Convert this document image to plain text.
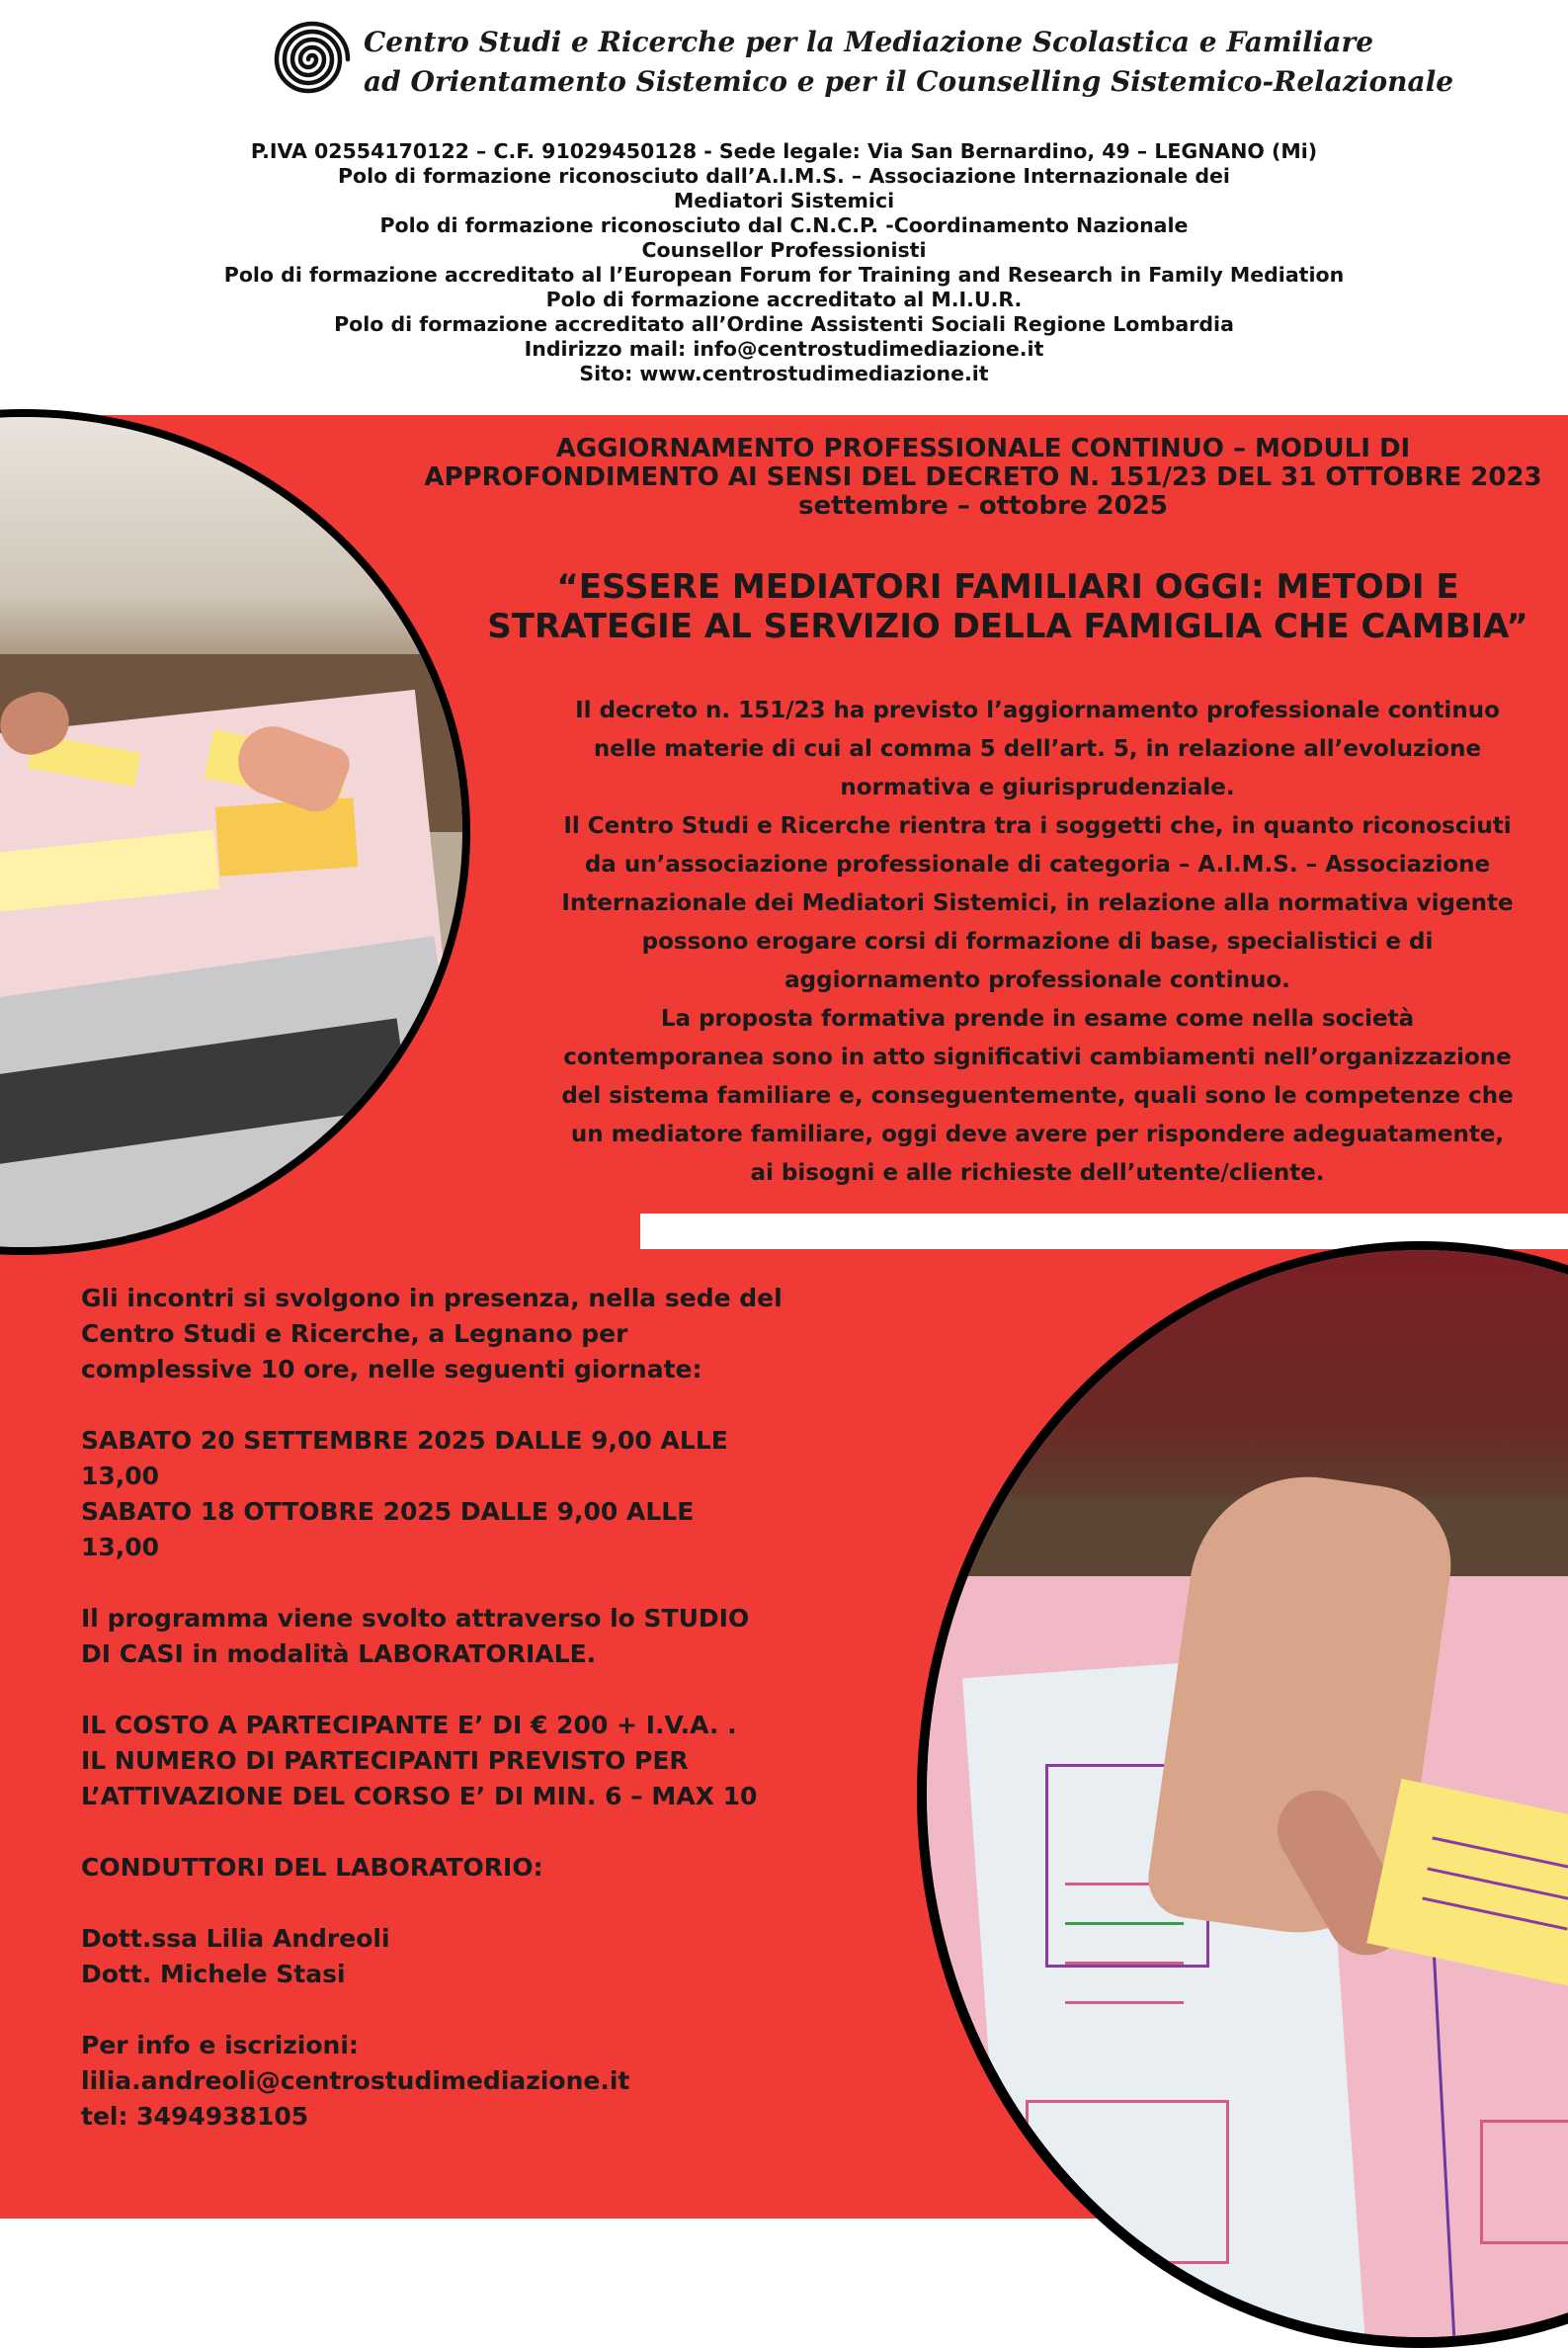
Centro Studi e Ricerche per la Mediazione Scolastica e Familiare
ad Orientamento Sistemico e per il Counselling Sistemico-Relazionale
P.IVA 02554170122 – C.F. 91029450128 - Sede legale: Via San Bernardino, 49 – LEGNANO (Mi)
Polo di formazione riconosciuto dall’A.I.M.S. – Associazione Internazionale dei
Mediatori Sistemici
Polo di formazione riconosciuto dal C.N.C.P. -Coordinamento Nazionale
Counsellor Professionisti
Polo di formazione accreditato al l’European Forum for Training and Research in Family Mediation
Polo di formazione accreditato al M.I.U.R.
Polo di formazione accreditato all’Ordine Assistenti Sociali Regione Lombardia
Indirizzo mail: info@centrostudimediazione.it
Sito: www.centrostudimediazione.it
AGGIORNAMENTO PROFESSIONALE CONTINUO – MODULI DI
APPROFONDIMENTO AI SENSI DEL DECRETO N. 151/23 DEL 31 OTTOBRE 2023
settembre – ottobre 2025
“ESSERE MEDIATORI FAMILIARI OGGI: METODI E
STRATEGIE AL SERVIZIO DELLA FAMIGLIA CHE CAMBIA”
Il decreto n. 151/23 ha previsto l’aggiornamento professionale continuo
nelle materie di cui al comma 5 dell’art. 5, in relazione all’evoluzione
normativa e giurisprudenziale.
Il Centro Studi e Ricerche rientra tra i soggetti che, in quanto riconosciuti
da un’associazione professionale di categoria – A.I.M.S. – Associazione
Internazionale dei Mediatori Sistemici, in relazione alla normativa vigente
possono erogare corsi di formazione di base, specialistici e di
aggiornamento professionale continuo.
La proposta formativa prende in esame come nella società
contemporanea sono in atto significativi cambiamenti nell’organizzazione
del sistema familiare e, conseguentemente, quali sono le competenze che
un mediatore familiare, oggi deve avere per rispondere adeguatamente,
ai bisogni e alle richieste dell’utente/cliente.
Gli incontri si svolgono in presenza, nella sede del
Centro Studi e Ricerche, a Legnano per
complessive 10 ore, nelle seguenti giornate:
SABATO 20 SETTEMBRE 2025 DALLE 9,00 ALLE
13,00
SABATO 18 OTTOBRE 2025 DALLE 9,00 ALLE
13,00
Il programma viene svolto attraverso lo STUDIO
DI CASI in modalità LABORATORIALE.
IL COSTO A PARTECIPANTE E’ DI € 200 + I.V.A. .
IL NUMERO DI PARTECIPANTI PREVISTO PER
L’ATTIVAZIONE DEL CORSO E’ DI MIN. 6 – MAX 10
CONDUTTORI DEL LABORATORIO:
Dott.ssa Lilia Andreoli
Dott. Michele Stasi
Per info e iscrizioni:
lilia.andreoli@centrostudimediazione.it
tel: 3494938105
